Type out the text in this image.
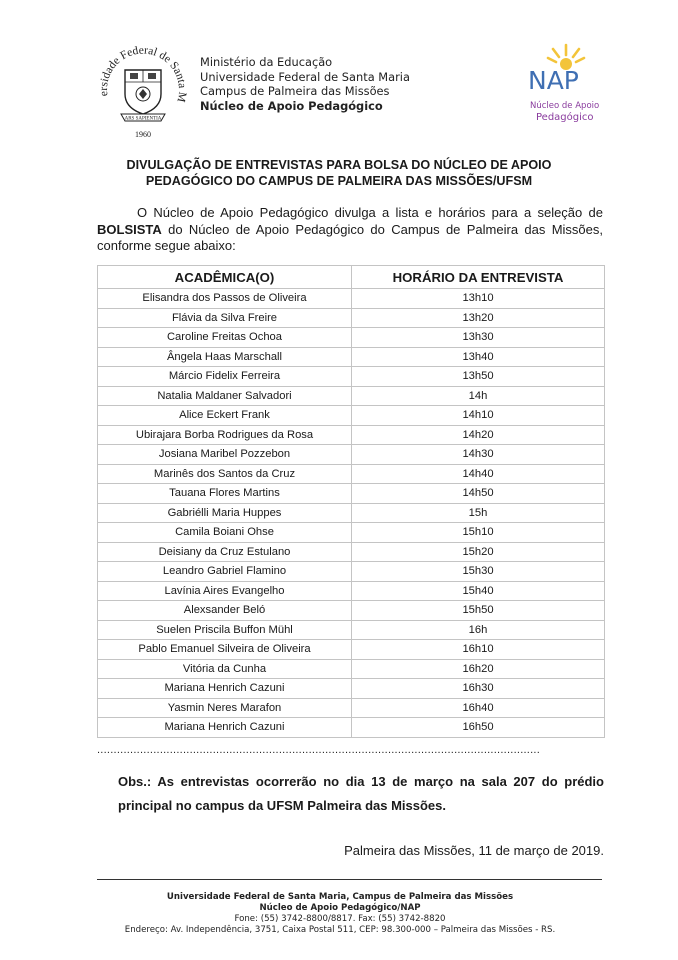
ersidade Federal de Santa M
ARS SAPIENTIA
1960
Ministério da Educação
Universidade Federal de Santa Maria
Campus de Palmeira das Missões
Núcleo de Apoio Pedagógico
NAP
Núcleo de Apoio
Pedagógico
DIVULGAÇÃO DE ENTREVISTAS PARA BOLSA DO NÚCLEO DE APOIO
PEDAGÓGICO DO CAMPUS DE PALMEIRA DAS MISSÕES/UFSM
O Núcleo de Apoio Pedagógico divulga a lista e horários para a seleção de BOLSISTA do Núcleo de Apoio Pedagógico do Campus de Palmeira das Missões, conforme segue abaixo:
ACADÊMICA(O)	HORÁRIO DA ENTREVISTA
Elisandra dos Passos de Oliveira	13h10
Flávia da Silva Freire	13h20
Caroline Freitas Ochoa	13h30
Ângela Haas Marschall	13h40
Márcio Fidelix Ferreira	13h50
Natalia Maldaner Salvadori	14h
Alice Eckert Frank	14h10
Ubirajara Borba Rodrigues da Rosa	14h20
Josiana Maribel Pozzebon	14h30
Marinês dos Santos da Cruz	14h40
Tauana Flores Martins	14h50
Gabriélli Maria Huppes	15h
Camila Boiani Ohse	15h10
Deisiany da Cruz Estulano	15h20
Leandro Gabriel Flamino	15h30
Lavínia Aires Evangelho	15h40
Alexsander Beló	15h50
Suelen Priscila Buffon Mühl	16h
Pablo Emanuel Silveira de Oliveira	16h10
Vitória da Cunha	16h20
Mariana Henrich Cazuni	16h30
Yasmin Neres Marafon	16h40
Mariana Henrich Cazuni	16h50
......................................................................................................................................
Obs.: As entrevistas ocorrerão no dia 13 de março na sala 207 do prédio principal no campus da UFSM Palmeira das Missões.
Palmeira das Missões, 11 de março de 2019.
Universidade Federal de Santa Maria, Campus de Palmeira das Missões
Núcleo de Apoio Pedagógico/NAP
Fone: (55) 3742-8800/8817. Fax: (55) 3742-8820
Endereço: Av. Independência, 3751, Caixa Postal 511, CEP: 98.300-000 – Palmeira das Missões - RS.
